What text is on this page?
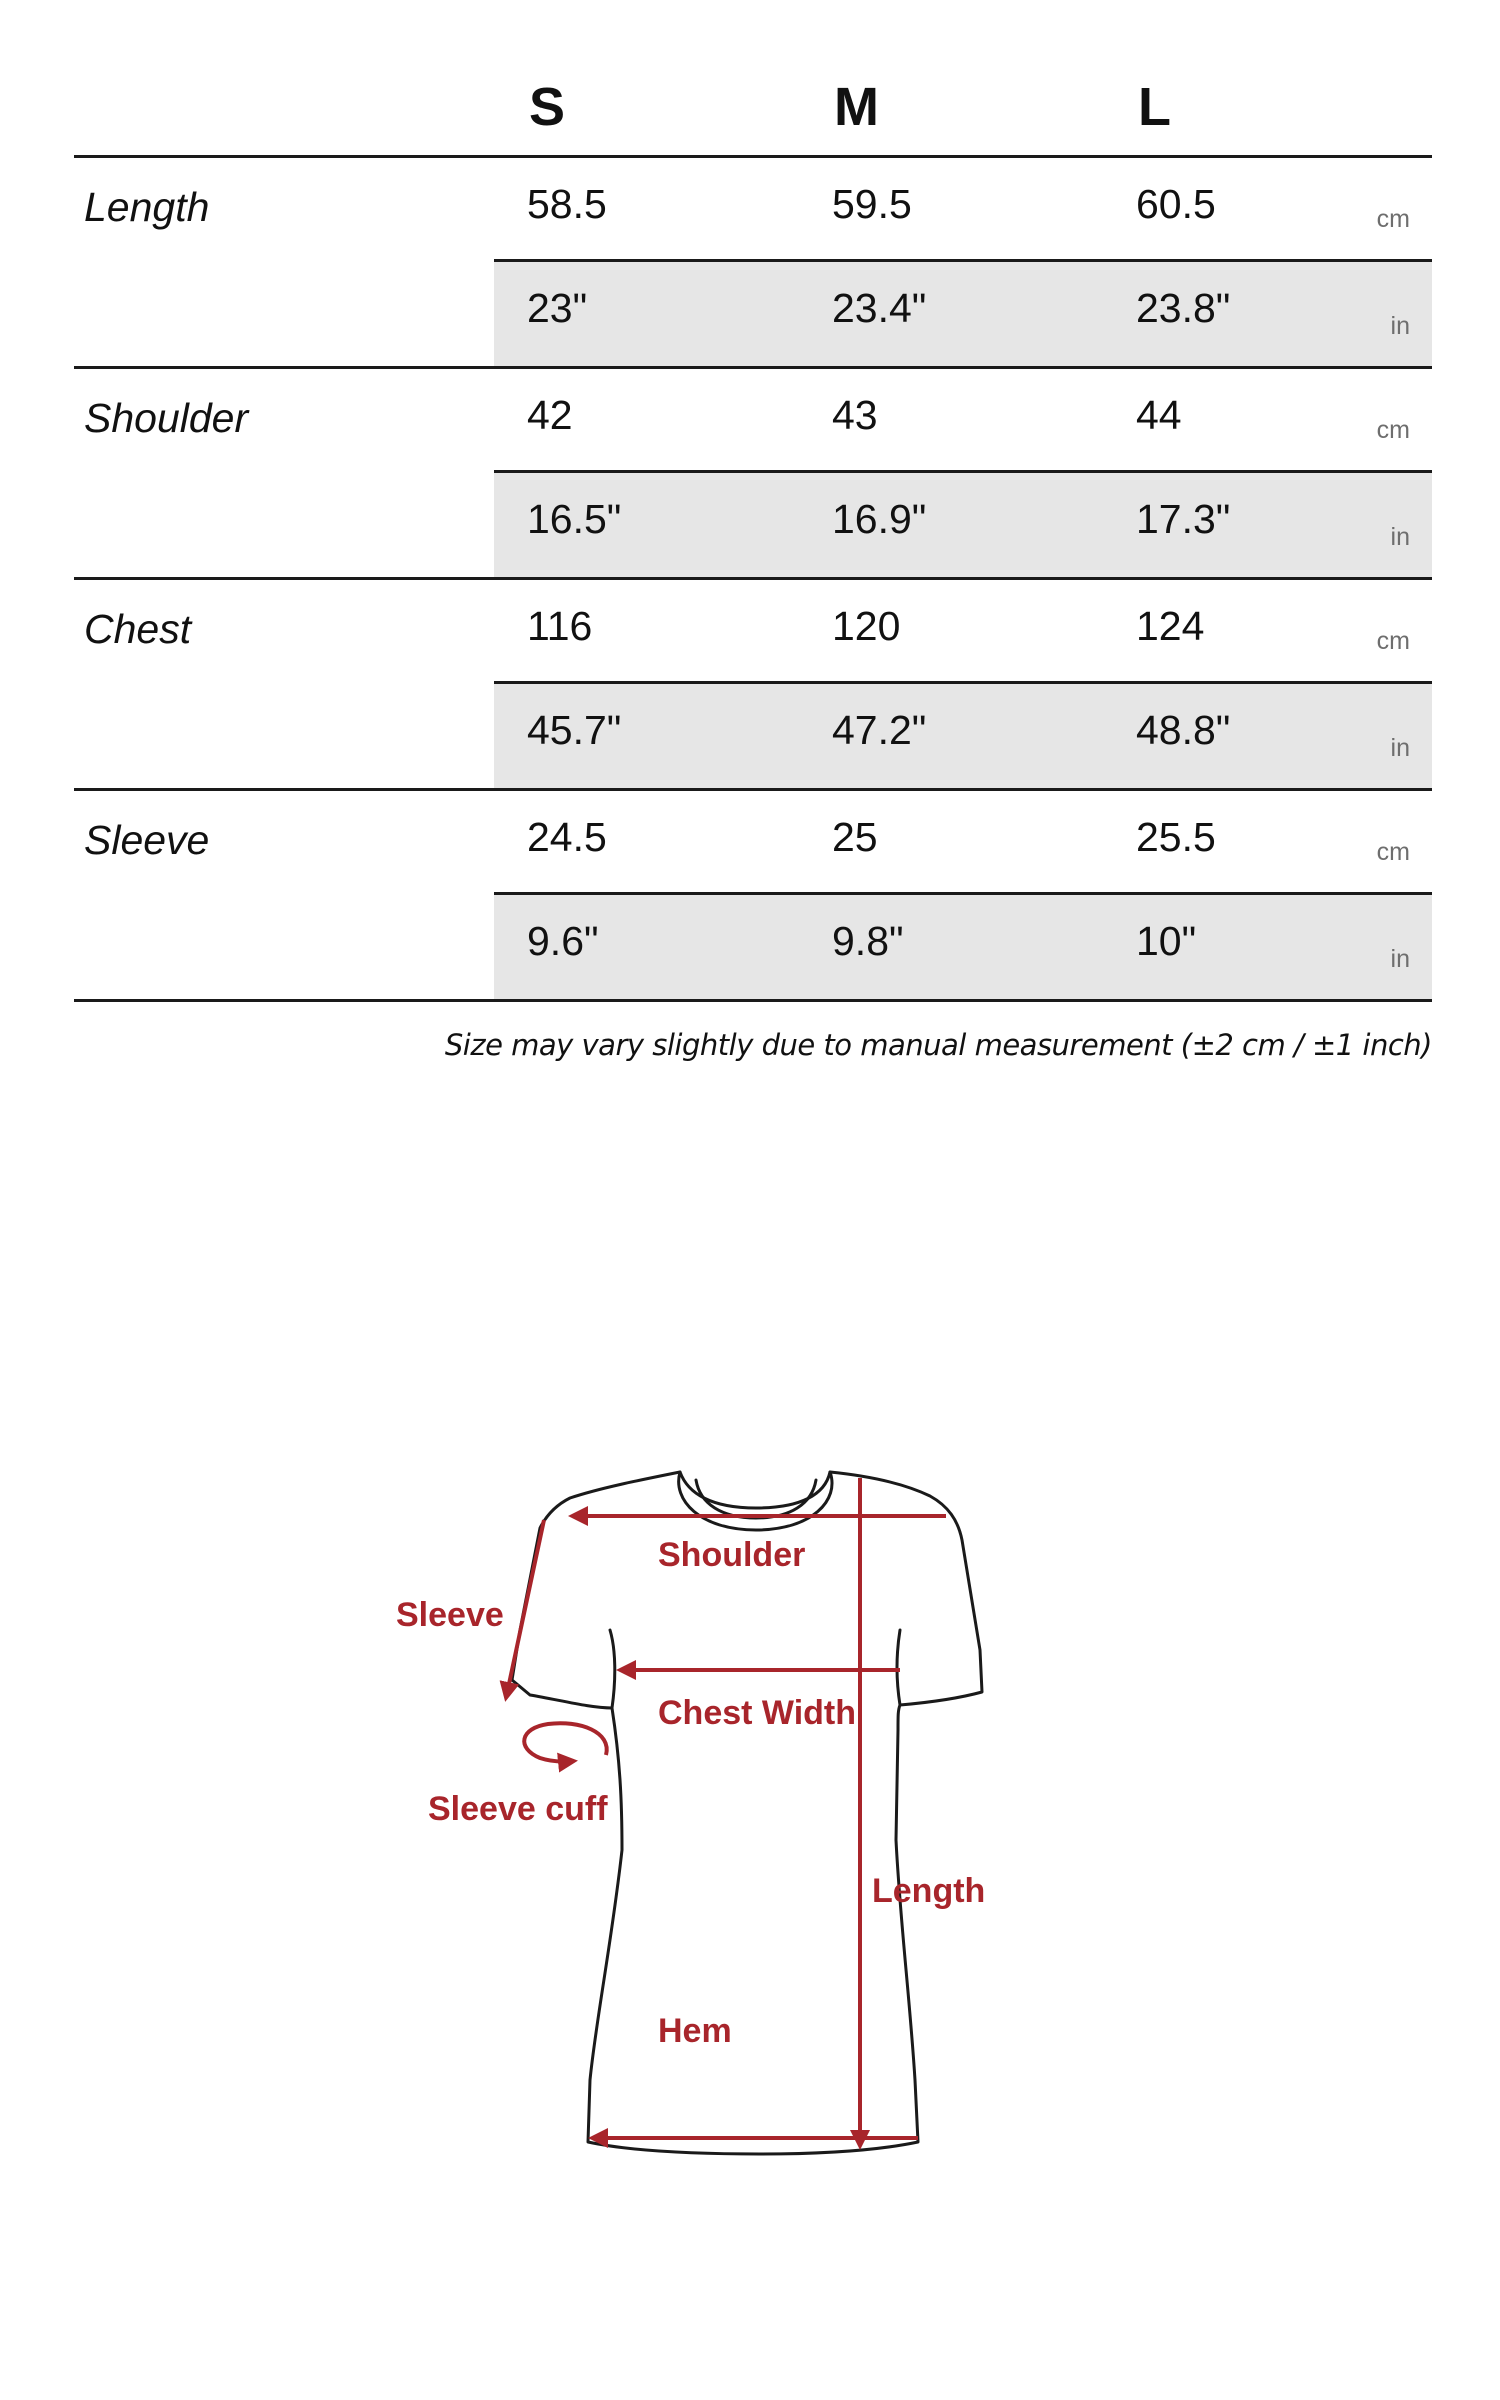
S	M	L
Length	58.5	59.5	60.5	cm
23"	23.4"	23.8"	in
Shoulder	42	43	44	cm
16.5"	16.9"	17.3"	in
Chest	116	120	124	cm
45.7"	47.2"	48.8"	in
Sleeve	24.5	25	25.5	cm
9.6"	9.8"	10"	in
Size may vary slightly due to manual measurement (±2 cm / ±1 inch)
Shoulder
Sleeve
Chest Width
Sleeve cuff
Length
Hem
